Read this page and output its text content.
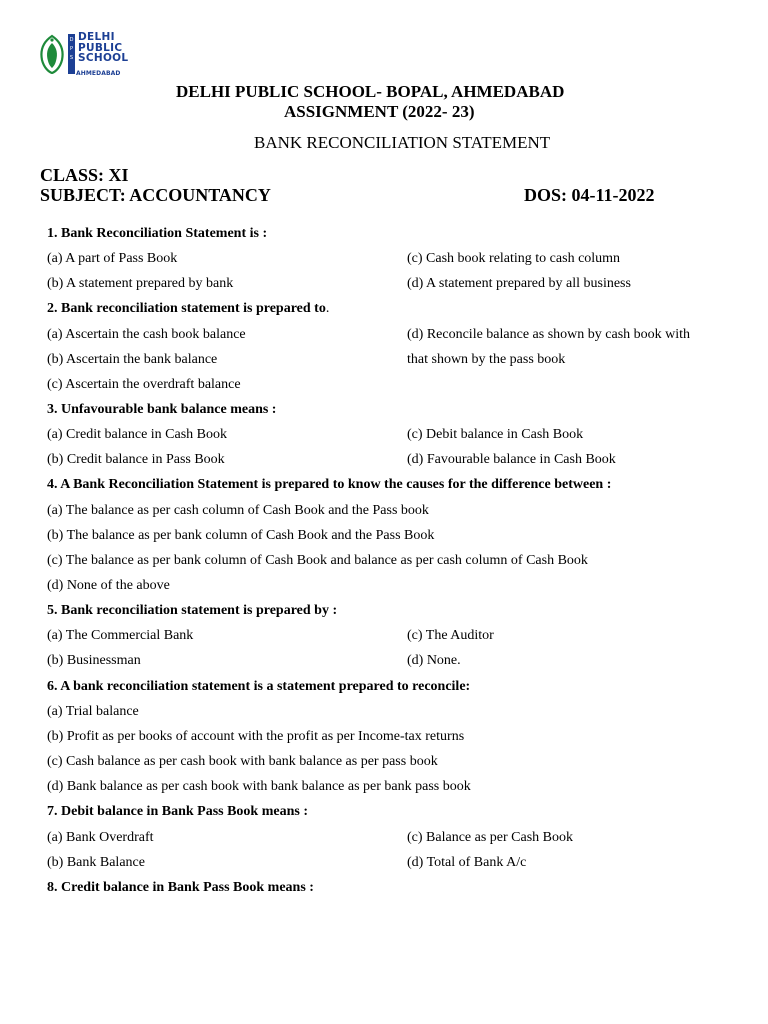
D
P
S
DELHI
PUBLIC
SCHOOL
AHMEDABAD
DELHI PUBLIC SCHOOL- BOPAL, AHMEDABAD
ASSIGNMENT (2022- 23)
BANK RECONCILIATION STATEMENT
CLASS: XI
SUBJECT: ACCOUNTANCY	DOS: 04-11-2022
1. Bank Reconciliation Statement is :
(a) A part of Pass Book	(c) Cash book relating to cash column
(b) A statement prepared by bank	(d) A statement prepared by all business
2. Bank reconciliation statement is prepared to.
(a) Ascertain the cash book balance	(d) Reconcile balance as shown by cash book with
(b) Ascertain the bank balance	that shown by the pass book
(c) Ascertain the overdraft balance
3. Unfavourable bank balance means :
(a) Credit balance in Cash Book	(c) Debit balance in Cash Book
(b) Credit balance in Pass Book	(d) Favourable balance in Cash Book
4. A Bank Reconciliation Statement is prepared to know the causes for the difference between :
(a) The balance as per cash column of Cash Book and the Pass book
(b) The balance as per bank column of Cash Book and the Pass Book
(c) The balance as per bank column of Cash Book and balance as per cash column of Cash Book
(d) None of the above
5. Bank reconciliation statement is prepared by :
(a) The Commercial Bank	(c) The Auditor
(b) Businessman	(d) None.
6. A bank reconciliation statement is a statement prepared to reconcile:
(a) Trial balance
(b) Profit as per books of account with the profit as per Income-tax returns
(c) Cash balance as per cash book with bank balance as per pass book
(d) Bank balance as per cash book with bank balance as per bank pass book
7. Debit balance in Bank Pass Book means :
(a) Bank Overdraft	(c) Balance as per Cash Book
(b) Bank Balance	(d) Total of Bank A/c
8. Credit balance in Bank Pass Book means :
